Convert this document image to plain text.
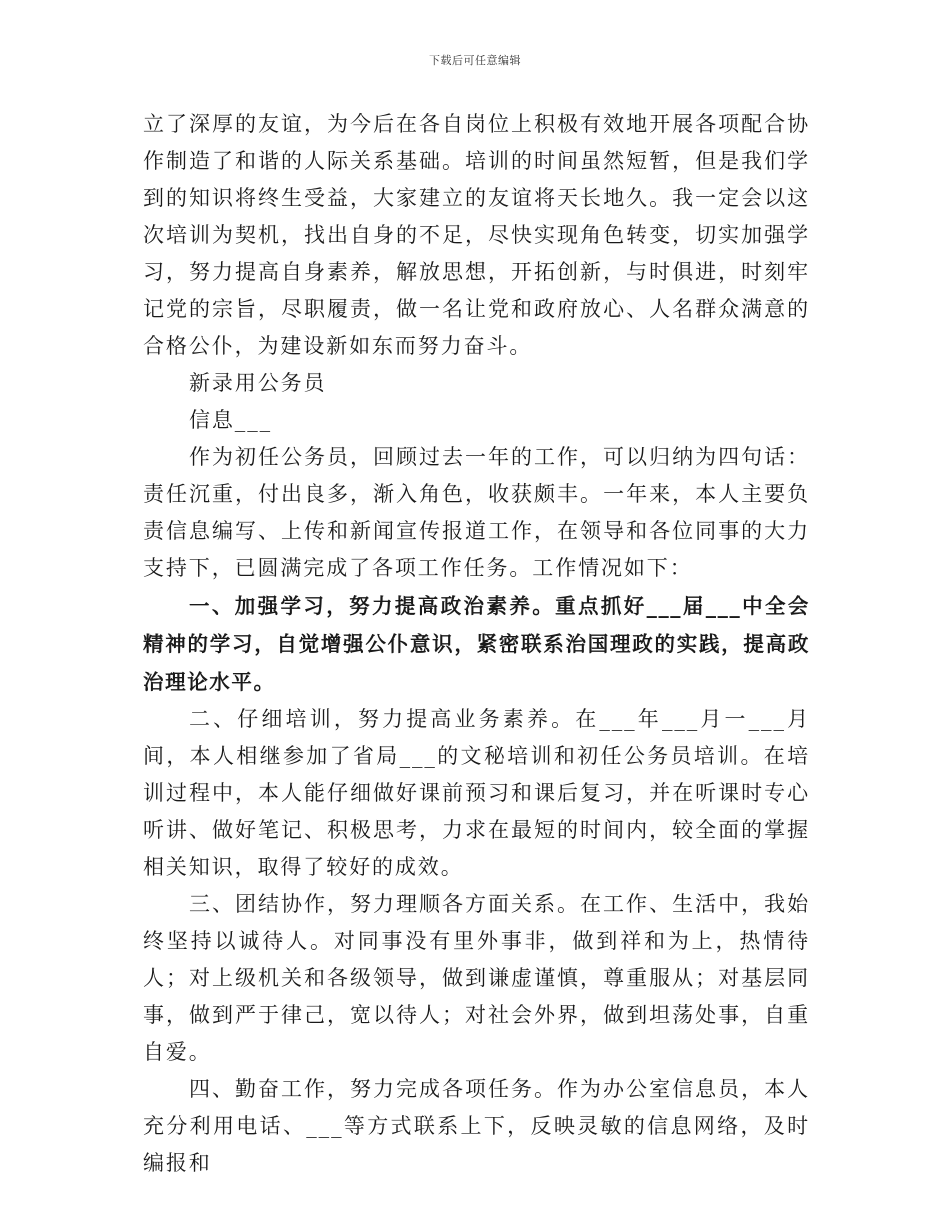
下载后可任意编辑

立了深厚的友谊，为今后在各自岗位上积极有效地开展各项配合协作制造了和谐的人际关系基础。培训的时间虽然短暂，但是我们学到的知识将终生受益，大家建立的友谊将天长地久。我一定会以这次培训为契机，找出自身的不足，尽快实现角色转变，切实加强学习，努力提高自身素养，解放思想，开拓创新，与时俱进，时刻牢记党的宗旨，尽职履责，做一名让党和政府放心、人名群众满意的合格公仆，为建设新如东而努力奋斗。

新录用公务员

信息___

作为初任公务员，回顾过去一年的工作，可以归纳为四句话：责任沉重，付出良多，渐入角色，收获颇丰。一年来，本人主要负责信息编写、上传和新闻宣传报道工作，在领导和各位同事的大力支持下，已圆满完成了各项工作任务。工作情况如下：

一、加强学习，努力提高政治素养。重点抓好___届___中全会精神的学习，自觉增强公仆意识，紧密联系治国理政的实践，提高政治理论水平。

二、仔细培训，努力提高业务素养。在___年___月一___月间，本人相继参加了省局___的文秘培训和初任公务员培训。在培训过程中，本人能仔细做好课前预习和课后复习，并在听课时专心听讲、做好笔记、积极思考，力求在最短的时间内，较全面的掌握相关知识，取得了较好的成效。

三、团结协作，努力理顺各方面关系。在工作、生活中，我始终坚持以诚待人。对同事没有里外事非，做到祥和为上，热情待人；对上级机关和各级领导，做到谦虚谨慎，尊重服从；对基层同事，做到严于律己，宽以待人；对社会外界，做到坦荡处事，自重自爱。

四、勤奋工作，努力完成各项任务。作为办公室信息员，本人充分利用电话、___等方式联系上下，反映灵敏的信息网络，及时编报和
